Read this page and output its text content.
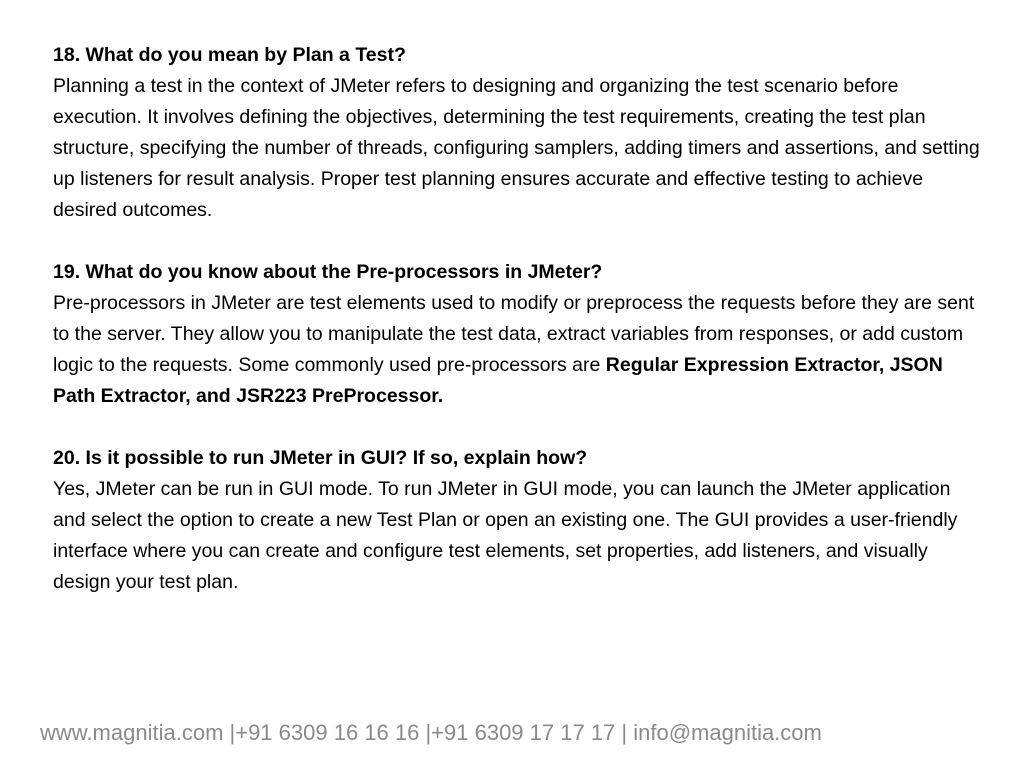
18. What do you mean by Plan a Test?

Planning a test in the context of JMeter refers to designing and organizing the test scenario before execution. It involves defining the objectives, determining the test requirements, creating the test plan structure, specifying the number of threads, configuring samplers, adding timers and assertions, and setting up listeners for result analysis. Proper test planning ensures accurate and effective testing to achieve desired outcomes.

19. What do you know about the Pre-processors in JMeter?

Pre-processors in JMeter are test elements used to modify or preprocess the requests before they are sent to the server. They allow you to manipulate the test data, extract variables from responses, or add custom logic to the requests. Some commonly used pre-processors are Regular Expression Extractor, JSON Path Extractor, and JSR223 PreProcessor.

20. Is it possible to run JMeter in GUI? If so, explain how?

Yes, JMeter can be run in GUI mode. To run JMeter in GUI mode, you can launch the JMeter application and select the option to create a new Test Plan or open an existing one. The GUI provides a user-friendly interface where you can create and configure test elements, set properties, add listeners, and visually design your test plan.

www.magnitia.com |+91 6309 16 16 16 |+91 6309 17 17 17 | info@magnitia.com
